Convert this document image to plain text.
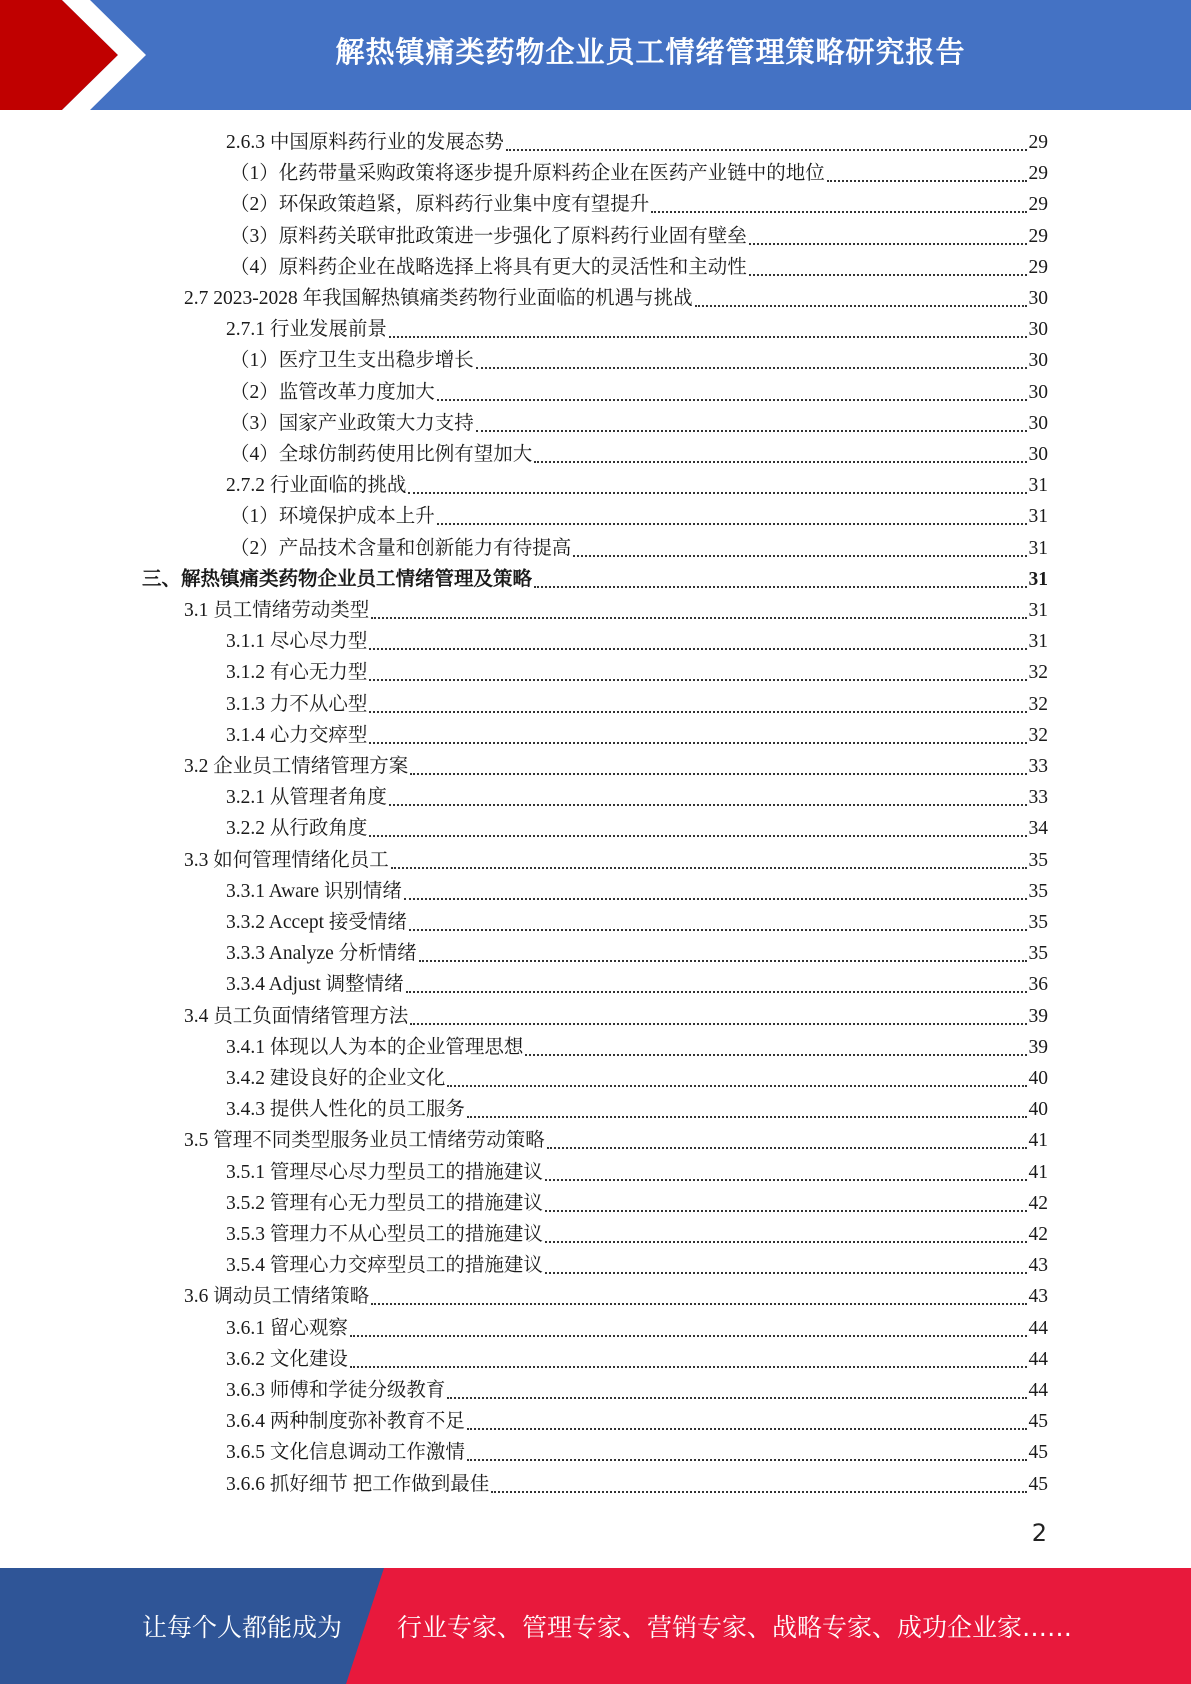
解热镇痛类药物企业员工情绪管理策略研究报告
2.6.3 中国原料药行业的发展态势	29
（1）化药带量采购政策将逐步提升原料药企业在医药产业链中的地位	29
（2）环保政策趋紧，原料药行业集中度有望提升	29
（3）原料药关联审批政策进一步强化了原料药行业固有壁垒	29
（4）原料药企业在战略选择上将具有更大的灵活性和主动性	29
2.7 2023-2028 年我国解热镇痛类药物行业面临的机遇与挑战	30
2.7.1 行业发展前景	30
（1）医疗卫生支出稳步增长	30
（2）监管改革力度加大	30
（3）国家产业政策大力支持	30
（4）全球仿制药使用比例有望加大	30
2.7.2 行业面临的挑战	31
（1）环境保护成本上升	31
（2）产品技术含量和创新能力有待提高	31
三、解热镇痛类药物企业员工情绪管理及策略	31
3.1 员工情绪劳动类型	31
3.1.1 尽心尽力型	31
3.1.2 有心无力型	32
3.1.3 力不从心型	32
3.1.4 心力交瘁型	32
3.2 企业员工情绪管理方案	33
3.2.1 从管理者角度	33
3.2.2 从行政角度	34
3.3 如何管理情绪化员工	35
3.3.1 Aware 识别情绪	35
3.3.2 Accept 接受情绪	35
3.3.3 Analyze 分析情绪	35
3.3.4 Adjust 调整情绪	36
3.4 员工负面情绪管理方法	39
3.4.1 体现以人为本的企业管理思想	39
3.4.2 建设良好的企业文化	40
3.4.3 提供人性化的员工服务	40
3.5 管理不同类型服务业员工情绪劳动策略	41
3.5.1 管理尽心尽力型员工的措施建议	41
3.5.2 管理有心无力型员工的措施建议	42
3.5.3 管理力不从心型员工的措施建议	42
3.5.4 管理心力交瘁型员工的措施建议	43
3.6 调动员工情绪策略	43
3.6.1 留心观察	44
3.6.2 文化建设	44
3.6.3 师傅和学徒分级教育	44
3.6.4 两种制度弥补教育不足	45
3.6.5 文化信息调动工作激情	45
3.6.6 抓好细节 把工作做到最佳	45
2
让每个人都能成为 行业专家、管理专家、营销专家、战略专家、成功企业家……
